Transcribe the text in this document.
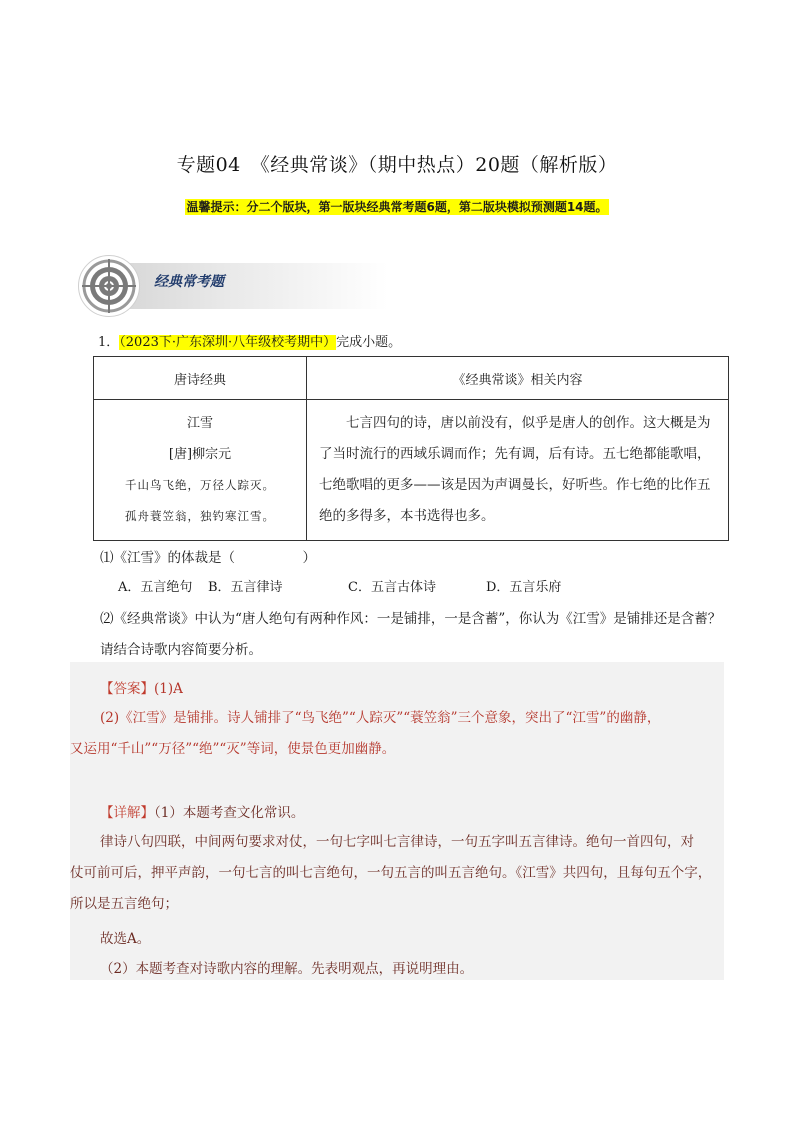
专题04　《经典常谈》（期中热点）20题（解析版）
温馨提示：分二个版块，第一版块经典常考题6题，第二版块模拟预测题14题。
经典常考题
1．（2023下·广东深圳·八年级校考期中）完成小题。
唐诗经典	《经典常谈》相关内容

江雪
[唐]柳宗元
千山鸟飞绝，万径人踪灭。
孤舟蓑笠翁，独钓寒江雪。	七言四句的诗，唐以前没有，似乎是唐人的创作。这大概是为了当时流行的西域乐调而作；先有调，后有诗。五七绝都能歌唱，七绝歌唱的更多——该是因为声调曼长，好听些。作七绝的比作五绝的多得多，本书选得也多。
⑴《江雪》的体裁是（　　　　　）
A．五言绝句 B．五言律诗	C．五言古体诗	D．五言乐府
⑵《经典常谈》中认为“唐人绝句有两种作风：一是铺排，一是含蓄”，你认为《江雪》是铺排还是含蓄？请结合诗歌内容简要分析。
【答案】(1)A
(2)《江雪》是铺排。诗人铺排了“鸟飞绝”“人踪灭”“蓑笠翁”三个意象，突出了“江雪”的幽静，
又运用“千山”“万径”“绝”“灭”等词，使景色更加幽静。
【详解】（1）本题考查文化常识。
律诗八句四联，中间两句要求对仗，一句七字叫七言律诗，一句五字叫五言律诗。绝句一首四句，对
仗可前可后，押平声韵，一句七言的叫七言绝句，一句五言的叫五言绝句。《江雪》共四句，且每句五个字，
所以是五言绝句；
故选A。
（2）本题考查对诗歌内容的理解。先表明观点，再说明理由。
